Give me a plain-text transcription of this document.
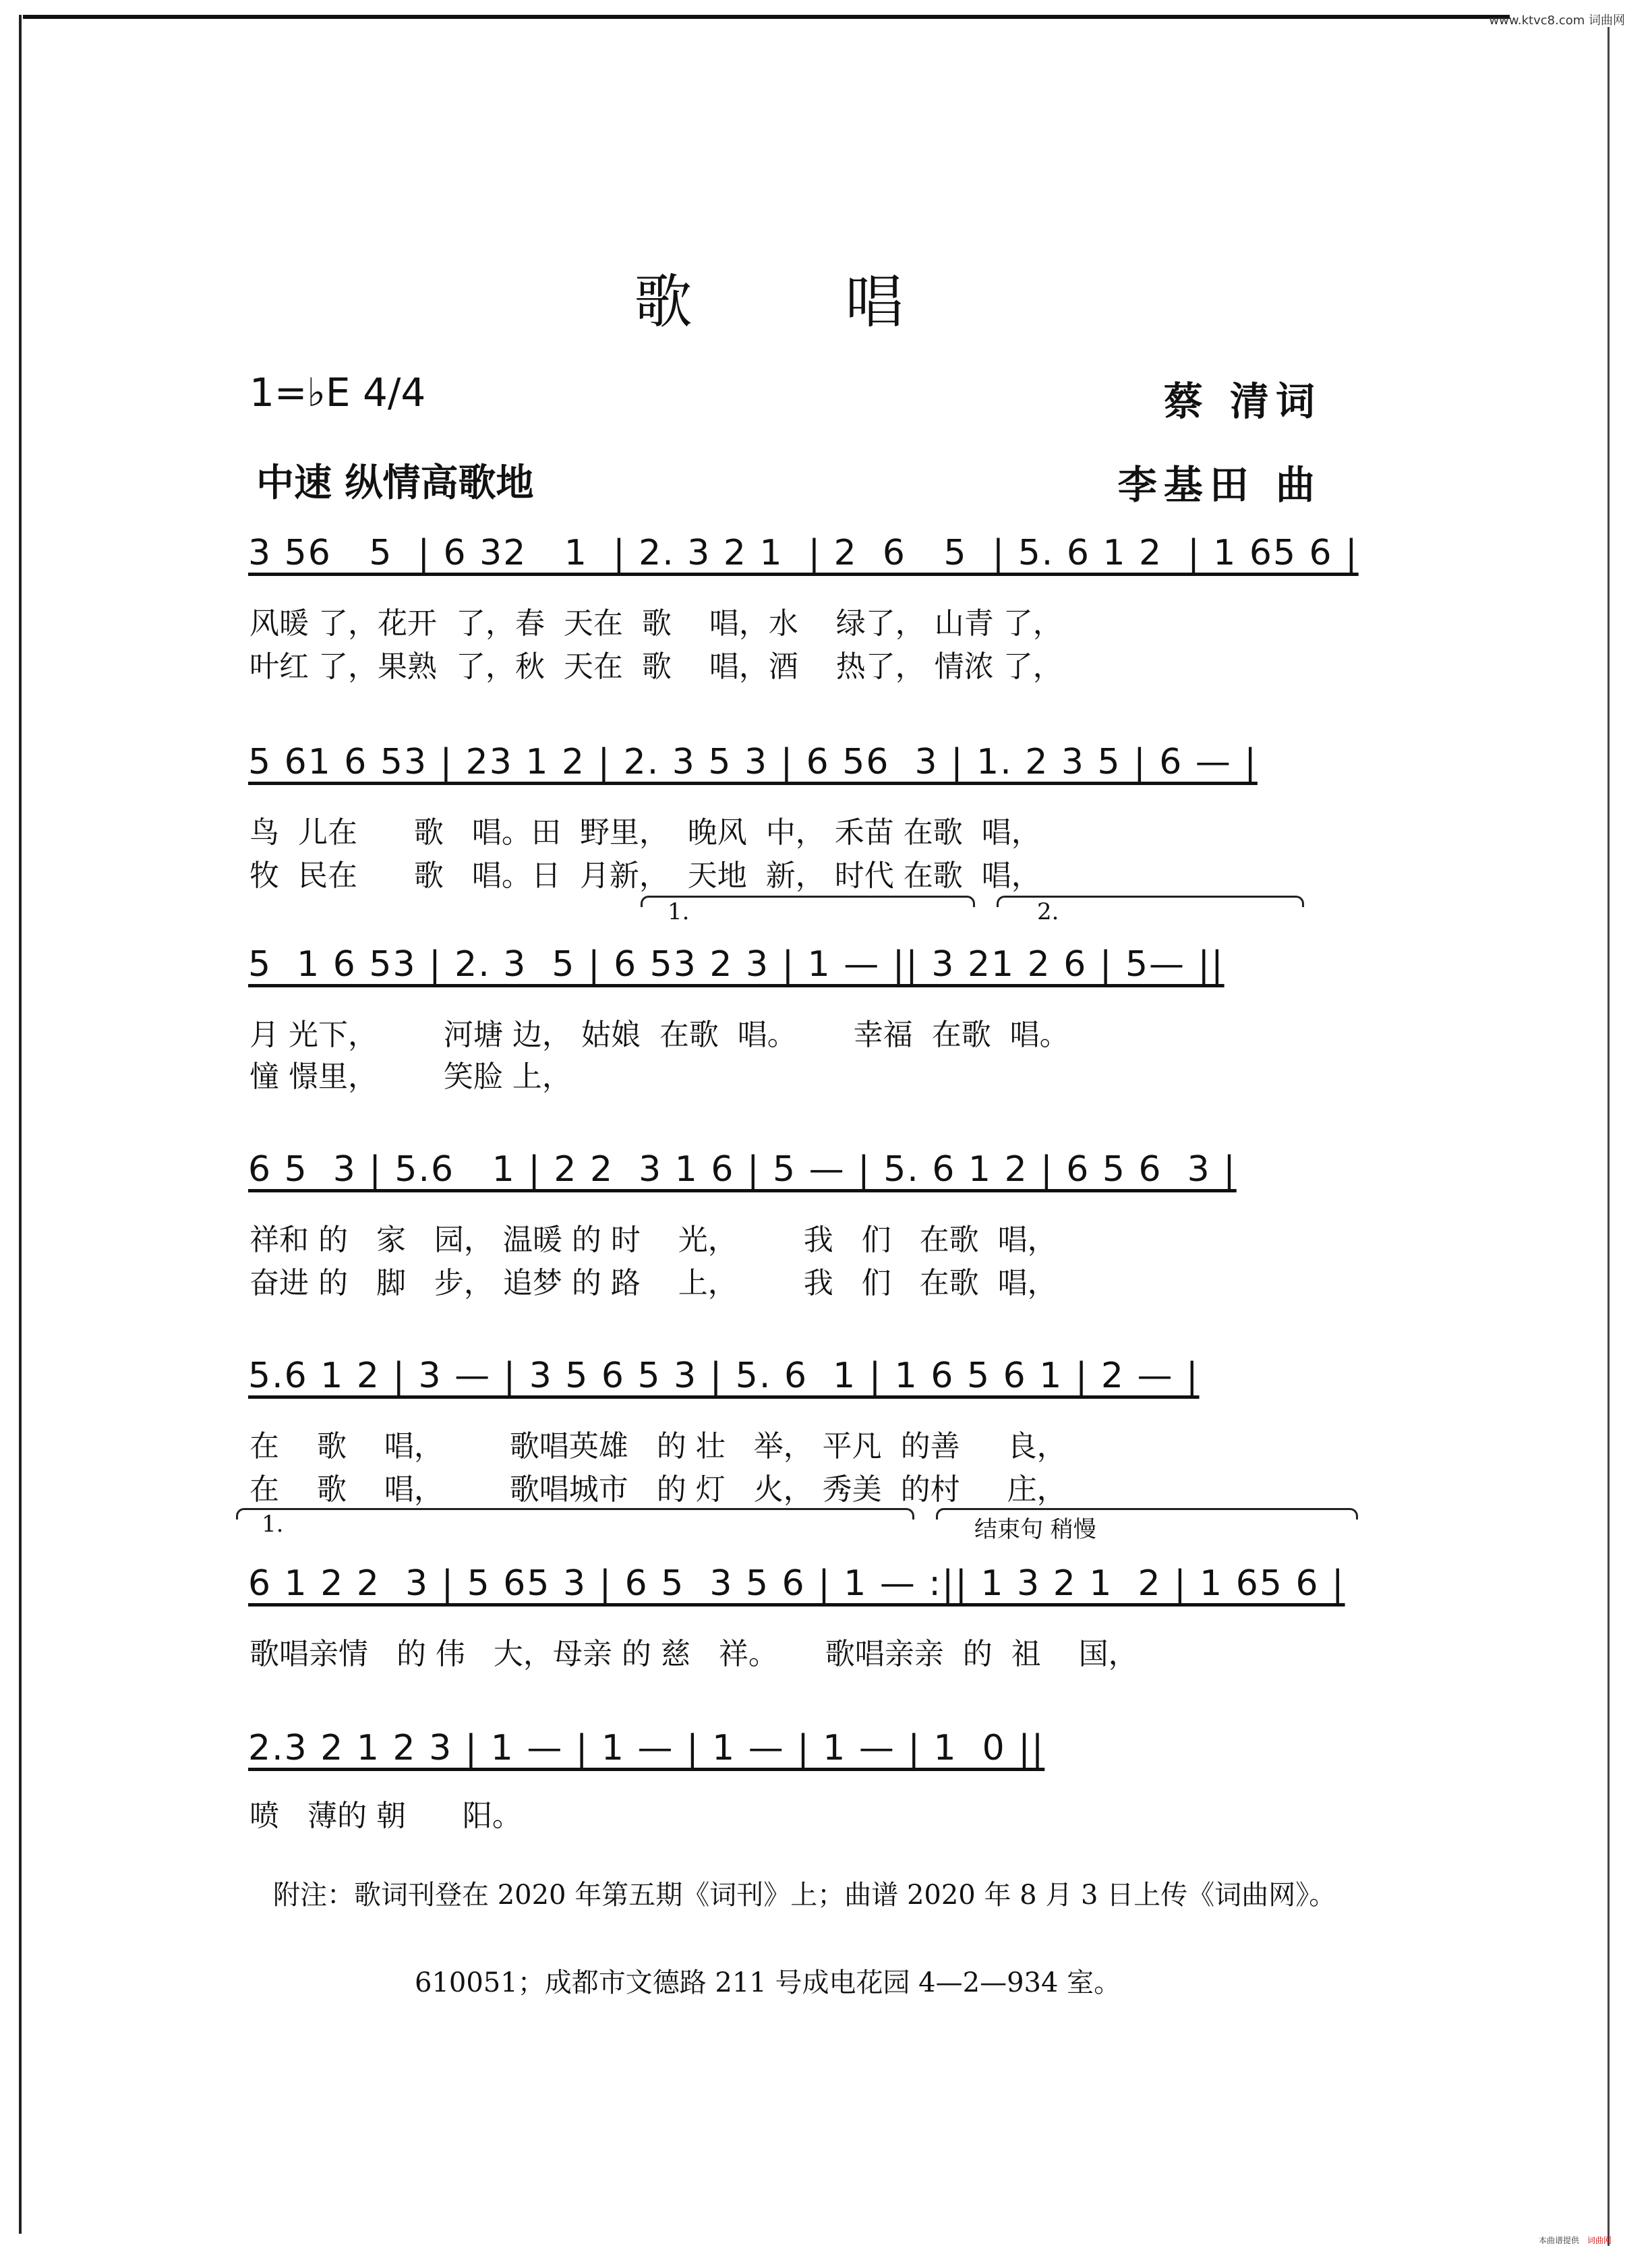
www.ktvc8.com 词曲网
歌 唱
1=♭E 4/4	蔡 清词
中速 纵情高歌地	李基田 曲
3 56   5  | 6 32   1  | 2. 3 2 1  | 2  6   5  | 5. 6 1 2  | 1 65 6 |
风暖 了，花开  了，春  天在  歌    唱，水    绿了， 山青 了，
叶红 了，果熟  了，秋  天在  歌    唱，酒    热了， 情浓 了，
5 61 6 53 | 23 1 2 | 2. 3 5 3 | 6 56  3 | 1. 2 3 5 | 6 — |
鸟  儿在      歌   唱。田  野里，  晚风  中， 禾苗 在歌  唱，
牧  民在      歌   唱。日  月新，  天地  新， 时代 在歌  唱，
1.	2.
5  1 6 53 | 2. 3  5 | 6 53 2 3 | 1 — || 3 21 2 6 | 5— ||
月 光下，       河塘 边， 姑娘  在歌  唱。      幸福  在歌  唱。
憧 憬里，       笑脸 上，
6 5  3 | 5.6   1 | 2 2  3 1 6 | 5 — | 5. 6 1 2 | 6 5 6  3 |
祥和 的   家   园， 温暖 的 时    光，       我   们   在歌  唱，
奋进 的   脚   步， 追梦 的 路    上，       我   们   在歌  唱，
5.6 1 2 | 3 — | 3 5 6 5 3 | 5. 6  1 | 1 6 5 6 1 | 2 — |
在    歌    唱，       歌唱英雄   的 壮   举， 平凡  的善     良，
在    歌    唱，       歌唱城市   的 灯   火， 秀美  的村     庄，
1.	结束句 稍慢
6 1 2 2  3 | 5 65 3 | 6 5  3 5 6 | 1 — :|| 1 3 2 1  2 | 1 65 6 |
歌唱亲情   的 伟   大，母亲 的 慈   祥。     歌唱亲亲  的  祖    国，
2.3 2 1 2 3 | 1 — | 1 — | 1 — | 1 — | 1  0 ||
喷   薄的 朝      阳。
附注：歌词刊登在 2020 年第五期《词刊》上；曲谱 2020 年 8 月 3 日上传《词曲网》。
610051；成都市文德路 211 号成电花园 4—2—934 室。
本曲谱提供 词曲网
